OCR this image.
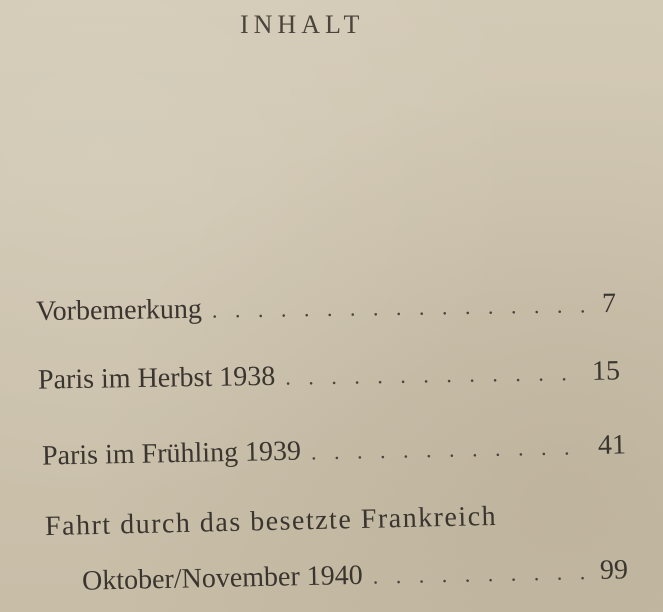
INHALT
Vorbemerkung . . .	7
Paris im Herbst 1938 . . .	15
Paris im Frühling 1939 . . .	41
Fahrt durch das besetzte Frankreich
Oktober/November 1940 . . .	99
